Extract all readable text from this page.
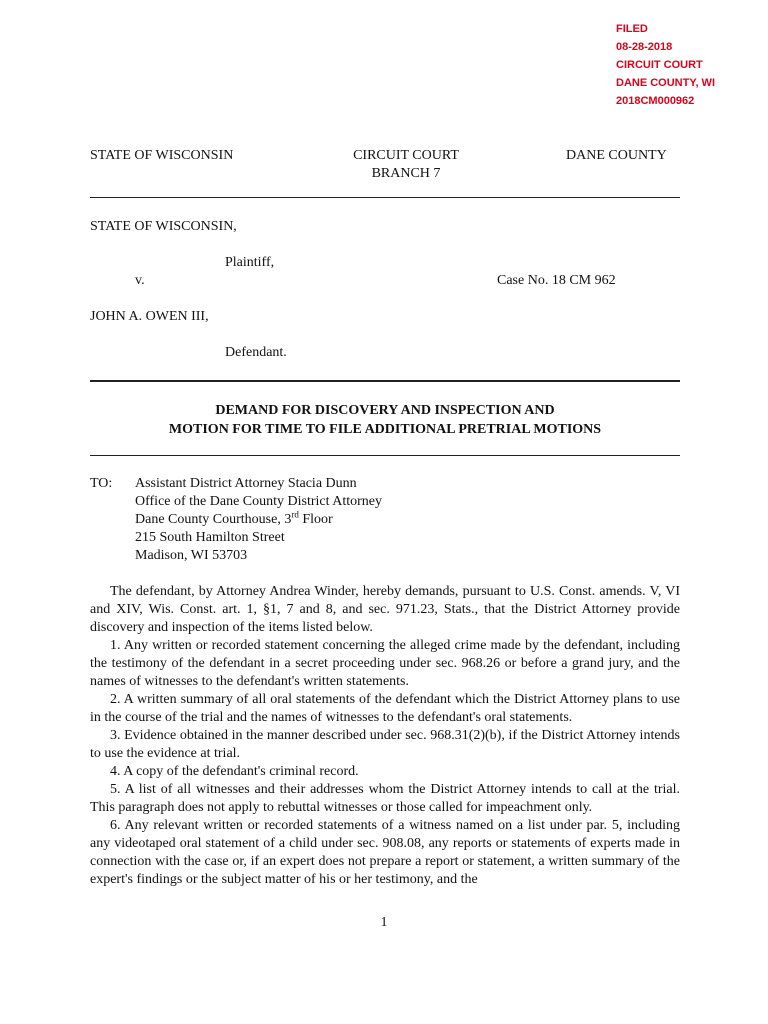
FILED
08-28-2018
CIRCUIT COURT
DANE COUNTY, WI
2018CM000962
STATE OF WISCONSIN	CIRCUIT COURT
BRANCH 7
DANE COUNTY
STATE OF WISCONSIN,
Plaintiff,
v.	Case No. 18 CM 962
JOHN A. OWEN III,
Defendant.
DEMAND FOR DISCOVERY AND INSPECTION AND
MOTION FOR TIME TO FILE ADDITIONAL PRETRIAL MOTIONS
TO: Assistant District Attorney Stacia Dunn
Office of the Dane County District Attorney
Dane County Courthouse, 3rd Floor
215 South Hamilton Street
Madison, WI 53703

The defendant, by Attorney Andrea Winder, hereby demands, pursuant to U.S. Const. amends. V, VI and XIV, Wis. Const. art. 1, §1, 7 and 8, and sec. 971.23, Stats., that the District Attorney provide discovery and inspection of the items listed below.

1. Any written or recorded statement concerning the alleged crime made by the defendant, including the testimony of the defendant in a secret proceeding under sec. 968.26 or before a grand jury, and the names of witnesses to the defendant's written statements.

2. A written summary of all oral statements of the defendant which the District Attorney plans to use in the course of the trial and the names of witnesses to the defendant's oral statements.

3. Evidence obtained in the manner described under sec. 968.31(2)(b), if the District Attorney intends to use the evidence at trial.

4. A copy of the defendant's criminal record.

5. A list of all witnesses and their addresses whom the District Attorney intends to call at the trial. This paragraph does not apply to rebuttal witnesses or those called for impeachment only.

6. Any relevant written or recorded statements of a witness named on a list under par. 5, including any videotaped oral statement of a child under sec. 908.08, any reports or statements of experts made in connection with the case or, if an expert does not prepare a report or statement, a written summary of the expert's findings or the subject matter of his or her testimony, and the

1
